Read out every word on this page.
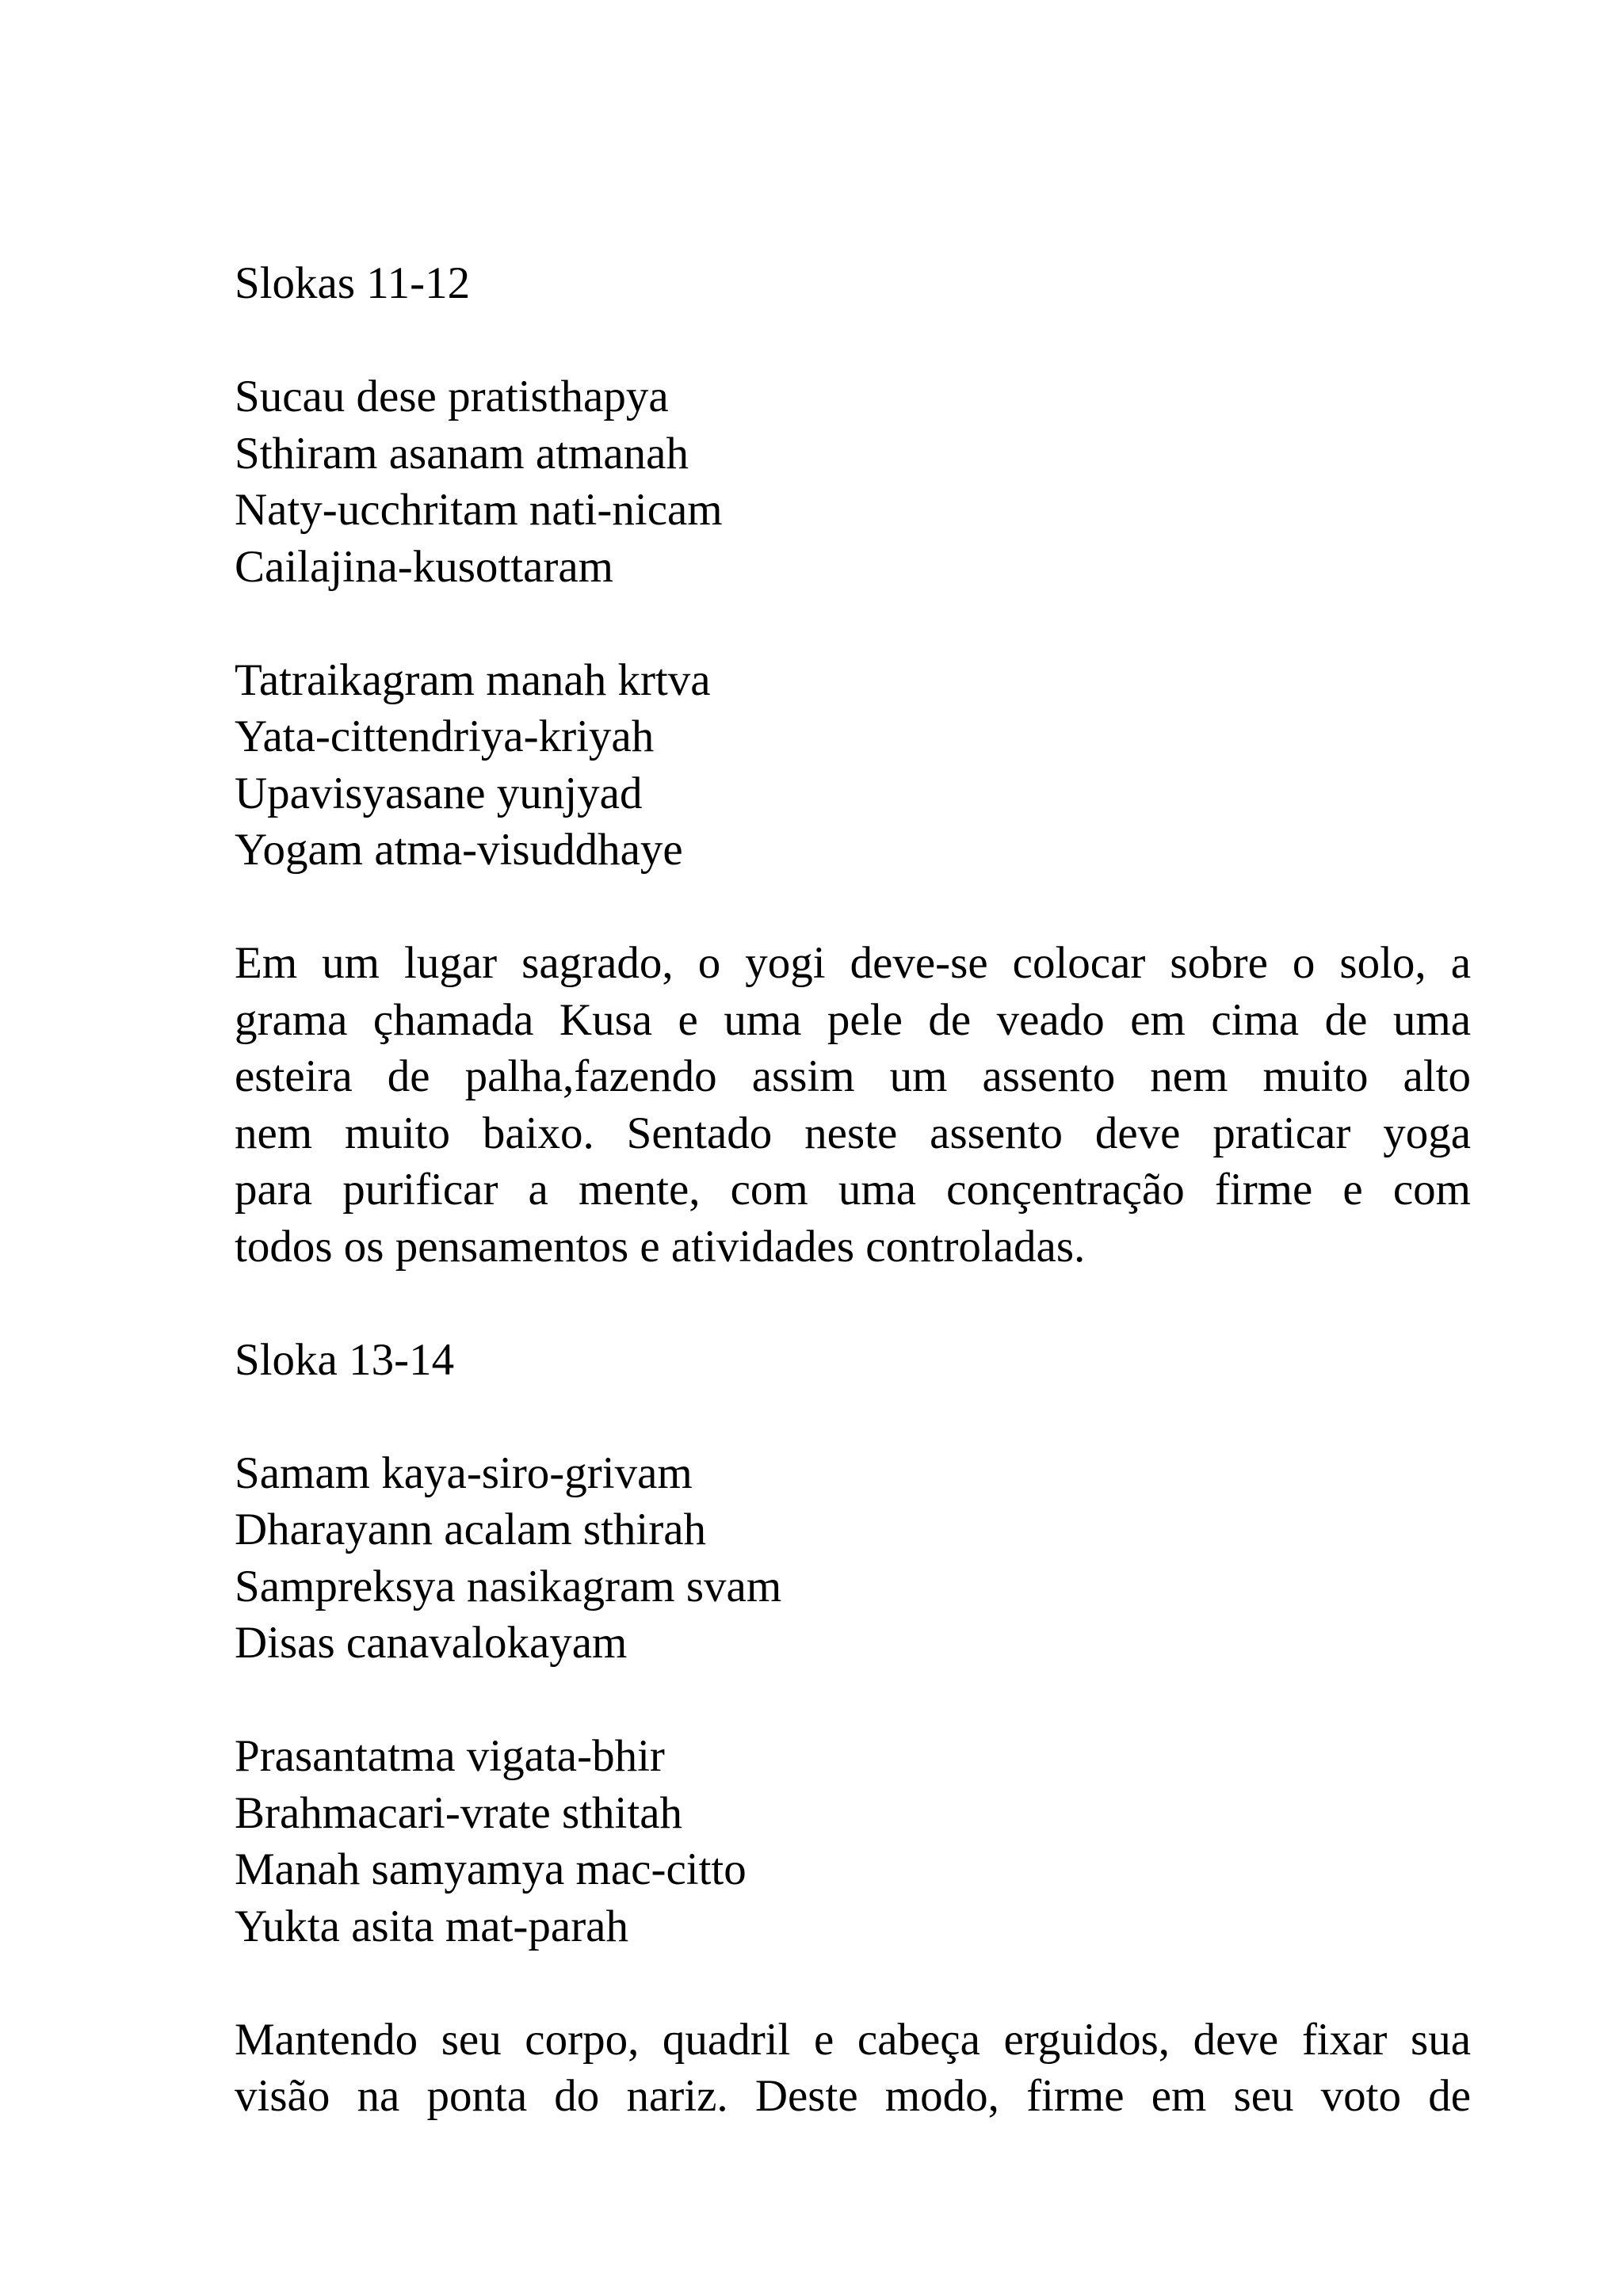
Slokas 11-12
Sucau dese pratisthapya
Sthiram asanam atmanah
Naty-ucchritam nati-nicam
Cailajina-kusottaram
Tatraikagram manah krtva
Yata-cittendriya-kriyah
Upavisyasane yunjyad
Yogam atma-visuddhaye
Em um lugar sagrado, o yogi deve-se colocar sobre o solo, a
grama çhamada Kusa e uma pele de veado em cima de uma
esteira de palha,fazendo assim um assento nem muito alto
nem muito baixo. Sentado neste assento deve praticar yoga
para purificar a mente, com uma conçentração firme e com
todos os pensamentos e atividades controladas.
Sloka 13-14
Samam kaya-siro-grivam
Dharayann acalam sthirah
Sampreksya nasikagram svam
Disas canavalokayam
Prasantatma vigata-bhir
Brahmacari-vrate sthitah
Manah samyamya mac-citto
Yukta asita mat-parah
Mantendo seu corpo, quadril e cabeça erguidos, deve fixar sua
visão na ponta do nariz. Deste modo, firme em seu voto de
